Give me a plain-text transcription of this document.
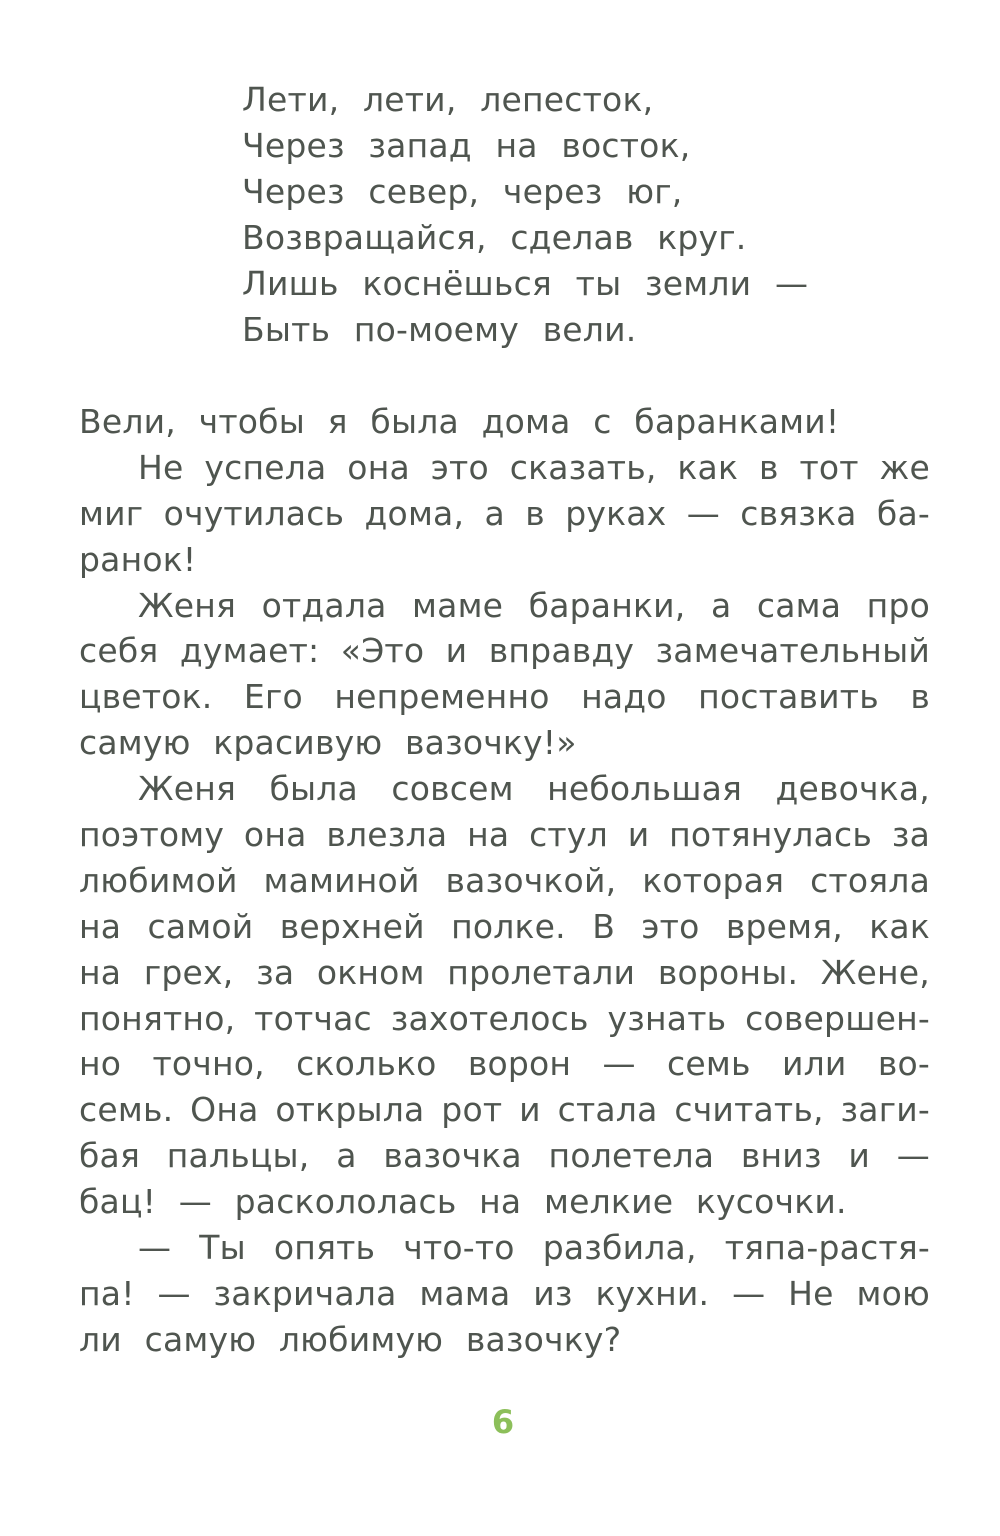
Лети, лети, лепесток,
Через запад на восток,
Через север, через юг,
Возвращайся, сделав круг.
Лишь коснёшься ты земли —
Быть по-моему вели.
Вели, чтобы я была дома с баранками!
Не успела она это сказать, как в тот же
миг очутилась дома, а в руках — связка ба-
ранок!
Женя отдала маме баранки, а сама про
себя думает: «Это и вправду замечательный
цветок. Его непременно надо поставить в
самую красивую вазочку!»
Женя была совсем небольшая девочка,
поэтому она влезла на стул и потянулась за
любимой маминой вазочкой, которая стояла
на самой верхней полке. В это время, как
на грех, за окном пролетали вороны. Жене,
понятно, тотчас захотелось узнать совершен-
но точно, сколько ворон — семь или во-
семь. Она открыла рот и стала считать, заги-
бая пальцы, а вазочка полетела вниз и —
бац! — раскололась на мелкие кусочки.
— Ты опять что-то разбила, тяпа-растя-
па! — закричала мама из кухни. — Не мою
ли самую любимую вазочку?
6
